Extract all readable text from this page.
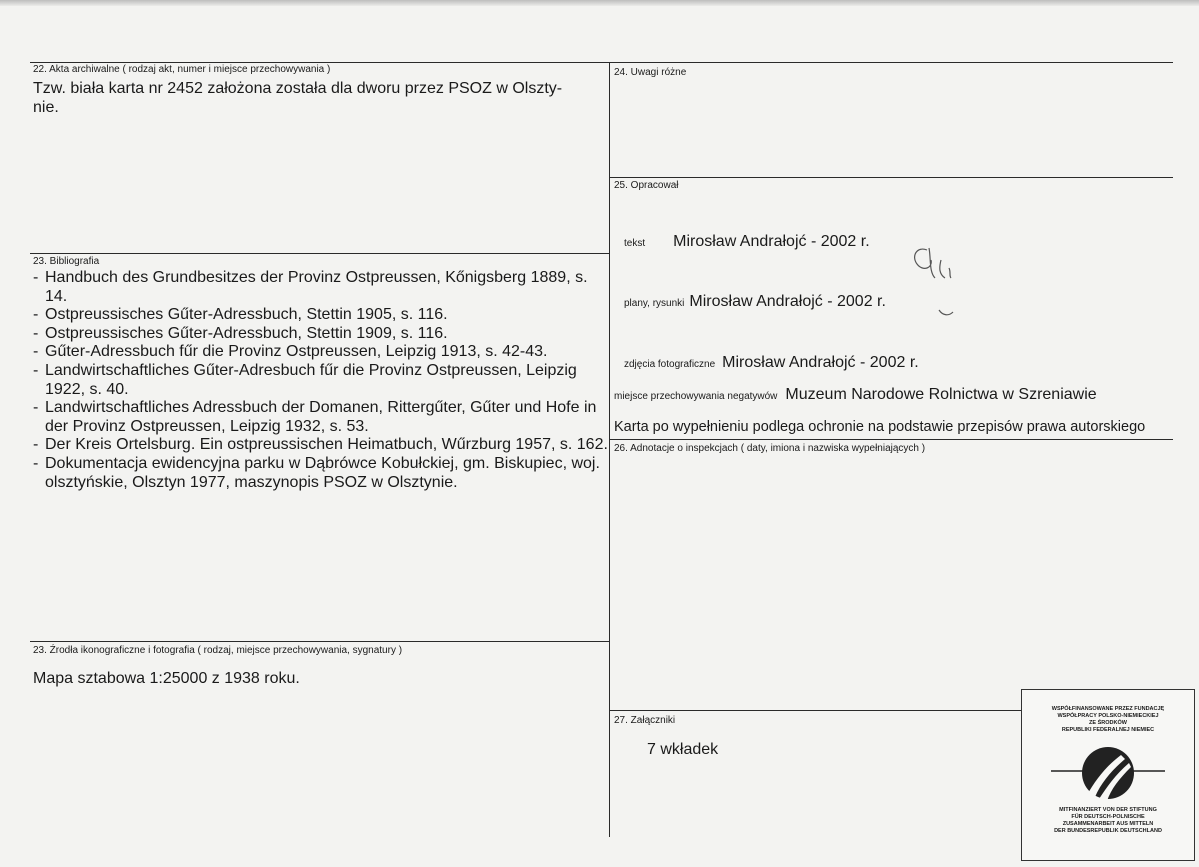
22. Akta archiwalne ( rodzaj akt, numer i miejsce przechowywania )
Tzw. biała karta nr 2452 założona została dla dworu przez PSOZ w Olszty-
nie.
23. Bibliografia
- Handbuch des Grundbesitzes der Provinz Ostpreussen, Kőnigsberg 1889, s. 14.
- Ostpreussisches Gűter-Adressbuch, Stettin 1905, s. 116.
- Ostpreussisches Gűter-Adressbuch, Stettin 1909, s. 116.
- Gűter-Adressbuch fűr die Provinz Ostpreussen, Leipzig 1913, s. 42-43.
- Landwirtschaftliches Gűter-Adresbuch fűr die Provinz Ostpreussen, Leipzig 1922, s. 40.
- Landwirtschaftliches Adressbuch der Domanen, Rittergűter, Gűter und Hofe in der Provinz Ostpreussen, Leipzig 1932, s. 53.
- Der Kreis Ortelsburg. Ein ostpreussischen Heimatbuch, Wűrzburg 1957, s. 162.
- Dokumentacja ewidencyjna parku w Dąbrówce Kobułckiej, gm. Biskupiec, woj. olsztyńskie, Olsztyn 1977, maszynopis PSOZ w Olsztynie.
23. Źrodła ikonograficzne i fotografia ( rodzaj, miejsce przechowywania, sygnatury )
Mapa sztabowa 1:25000 z 1938 roku.
24. Uwagi różne
25. Opracował
tekst Mirosław Andrałojć - 2002 r.
plany, rysunki Mirosław Andrałojć - 2002 r.
zdjęcia fotograficzne Mirosław Andrałojć - 2002 r.
miejsce przechowywania negatywów Muzeum Narodowe Rolnictwa w Szreniawie
Karta po wypełnieniu podlega ochronie na podstawie przepisów prawa autorskiego
26. Adnotacje o inspekcjach ( daty, imiona i nazwiska wypełniających )
27. Załączniki
7 wkładek
WSPÓŁFINANSOWANE PRZEZ FUNDACJĘ
WSPÓŁPRACY POLSKO-NIEMIECKIEJ
ZE ŚRODKÓW
REPUBLIKI FEDERALNEJ NIEMIEC
MITFINANZIERT VON DER STIFTUNG
FÜR DEUTSCH-POLNISCHE
ZUSAMMENARBEIT AUS MITTELN
DER BUNDESREPUBLIK DEUTSCHLAND
